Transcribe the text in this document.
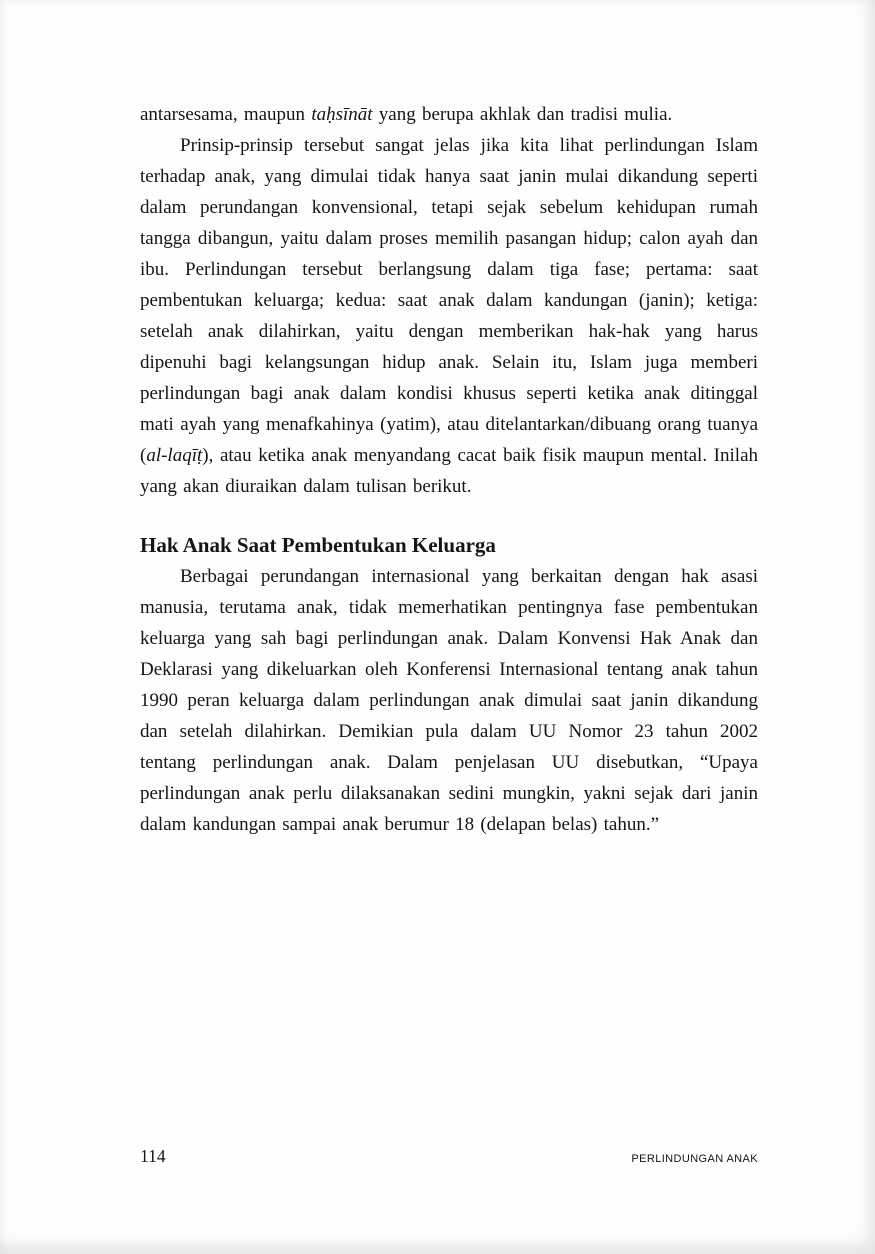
antarsesama, maupun taḥsīnāt yang berupa akhlak dan tradisi mulia.

Prinsip-prinsip tersebut sangat jelas jika kita lihat perlindungan Islam terhadap anak, yang dimulai tidak hanya saat janin mulai dikandung seperti dalam perundangan konvensional, tetapi sejak sebelum kehidupan rumah tangga dibangun, yaitu dalam proses memilih pasangan hidup; calon ayah dan ibu. Perlindungan tersebut berlangsung dalam tiga fase; pertama: saat pembentukan keluarga; kedua: saat anak dalam kandungan (janin); ketiga: setelah anak dilahirkan, yaitu dengan memberikan hak-hak yang harus dipenuhi bagi kelangsungan hidup anak. Selain itu, Islam juga memberi perlindungan bagi anak dalam kondisi khusus seperti ketika anak ditinggal mati ayah yang menafkahinya (yatim), atau ditelantarkan/dibuang orang tuanya (al-laqīṭ), atau ketika anak menyandang cacat baik fisik maupun mental. Inilah yang akan diuraikan dalam tulisan berikut.

Hak Anak Saat Pembentukan Keluarga

Berbagai perundangan internasional yang berkaitan dengan hak asasi manusia, terutama anak, tidak memerhatikan pentingnya fase pembentukan keluarga yang sah bagi perlindungan anak. Dalam Konvensi Hak Anak dan Deklarasi yang dikeluarkan oleh Konferensi Internasional tentang anak tahun 1990 peran keluarga dalam perlindungan anak dimulai saat janin dikandung dan setelah dilahirkan. Demikian pula dalam UU Nomor 23 tahun 2002 tentang perlindungan anak. Dalam penjelasan UU disebutkan, “Upaya perlindungan anak perlu dilaksanakan sedini mungkin, yakni sejak dari janin dalam kandungan sampai anak berumur 18 (delapan belas) tahun.”

114	PERLINDUNGAN ANAK
